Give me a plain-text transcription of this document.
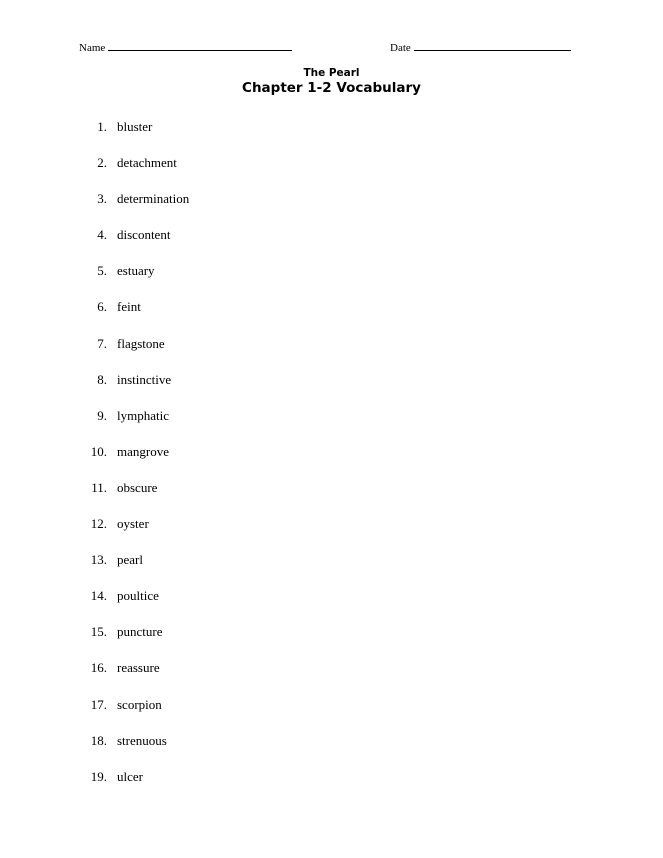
Name	Date
The Pearl
Chapter 1-2 Vocabulary
1. bluster
2. detachment
3. determination
4. discontent
5. estuary
6. feint
7. flagstone
8. instinctive
9. lymphatic
10. mangrove
11. obscure
12. oyster
13. pearl
14. poultice
15. puncture
16. reassure
17. scorpion
18. strenuous
19. ulcer
